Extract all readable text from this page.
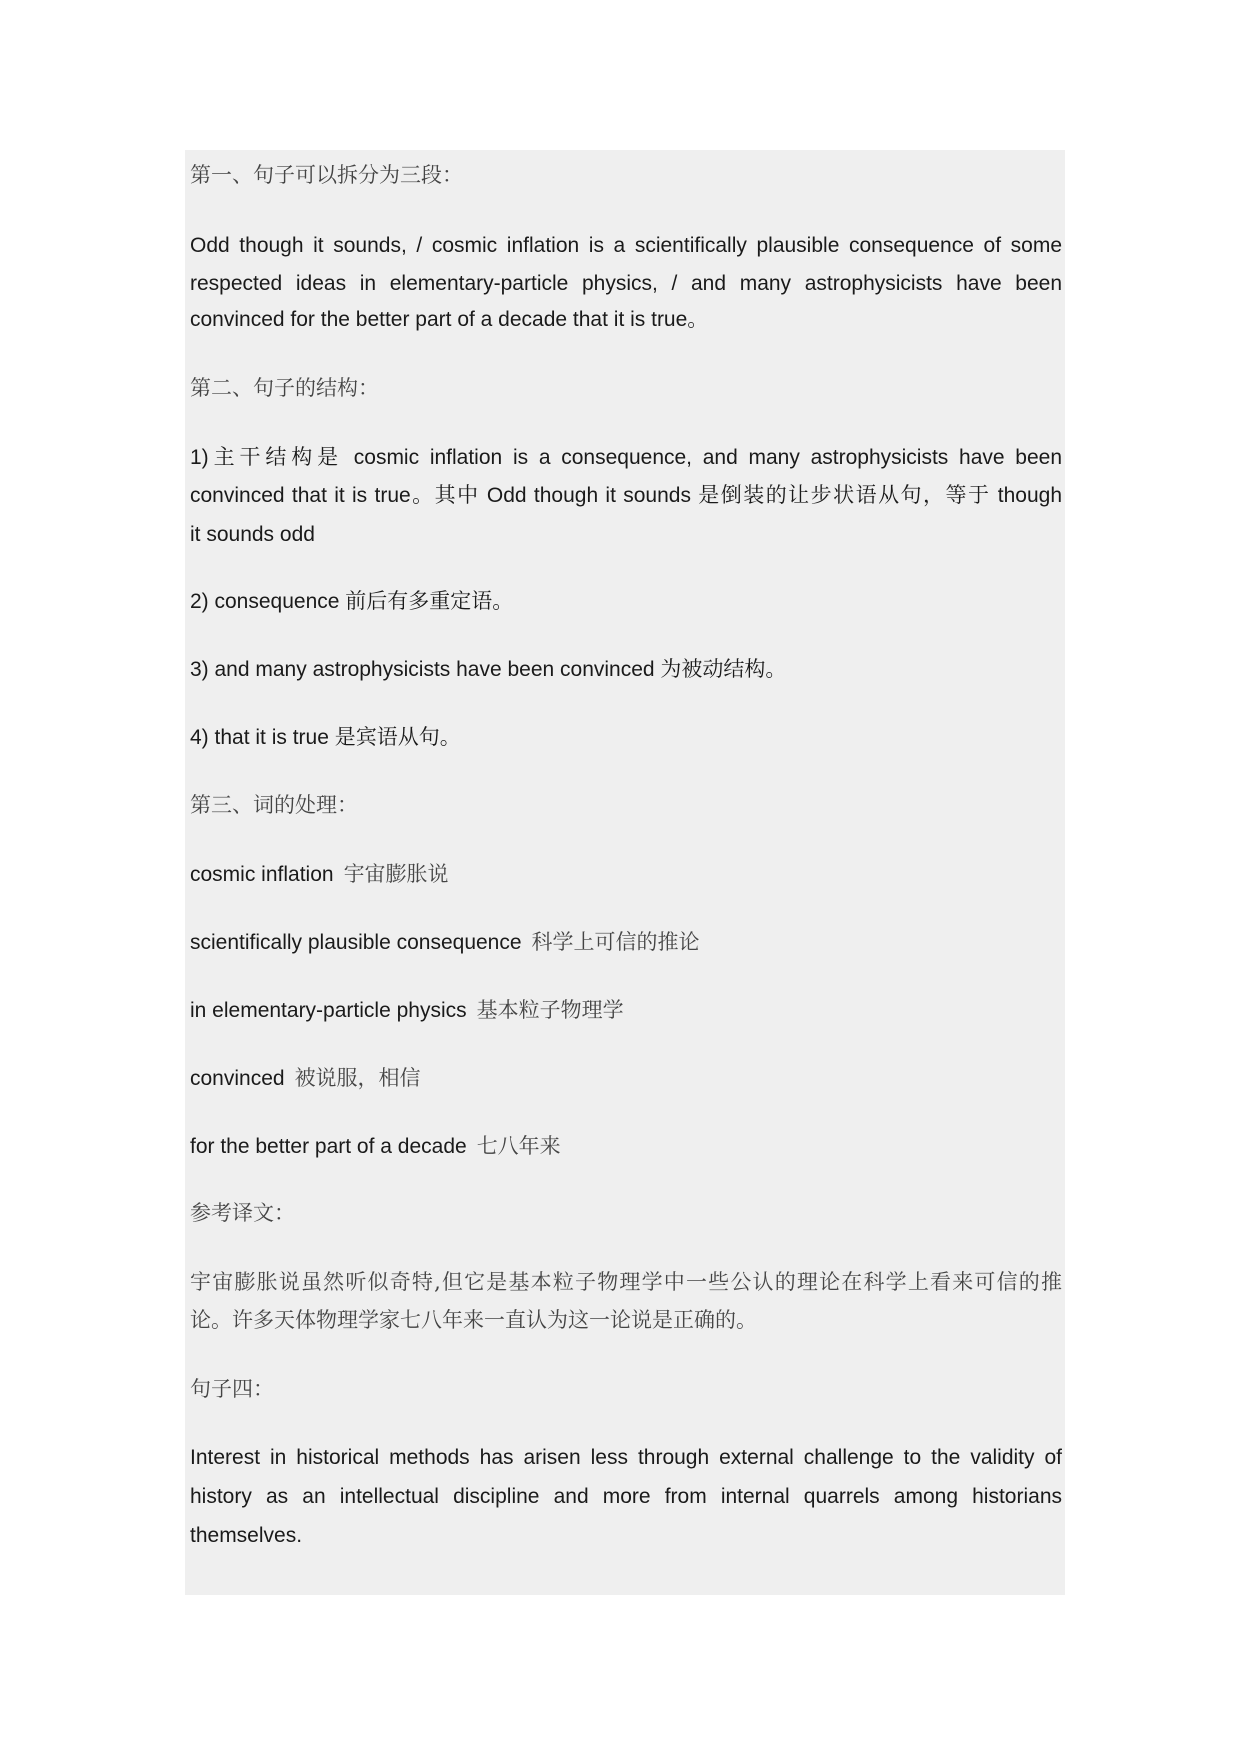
第一、句子可以拆分为三段：
Odd though it sounds, / cosmic inflation is a scientifically plausible consequence of some
respected ideas in elementary-particle physics, / and many astrophysicists have been
convinced for the better part of a decade that it is true。
第二、句子的结构：
1)主干结构是 cosmic inflation is a consequence, and many astrophysicists have been
convinced that it is true。其中 Odd though it sounds 是倒装的让步状语从句，等于 though
it sounds odd
2) consequence 前后有多重定语。
3) and many astrophysicists have been convinced 为被动结构。
4) that it is true 是宾语从句。
第三、词的处理：
cosmic inflation 宇宙膨胀说
scientifically plausible consequence 科学上可信的推论
in elementary-particle physics 基本粒子物理学
convinced 被说服，相信
for the better part of a decade 七八年来
参考译文：
宇宙膨胀说虽然听似奇特,但它是基本粒子物理学中一些公认的理论在科学上看来可信的推
论。许多天体物理学家七八年来一直认为这一论说是正确的。
句子四：
Interest in historical methods has arisen less through external challenge to the validity of
history as an intellectual discipline and more from internal quarrels among historians
themselves.
